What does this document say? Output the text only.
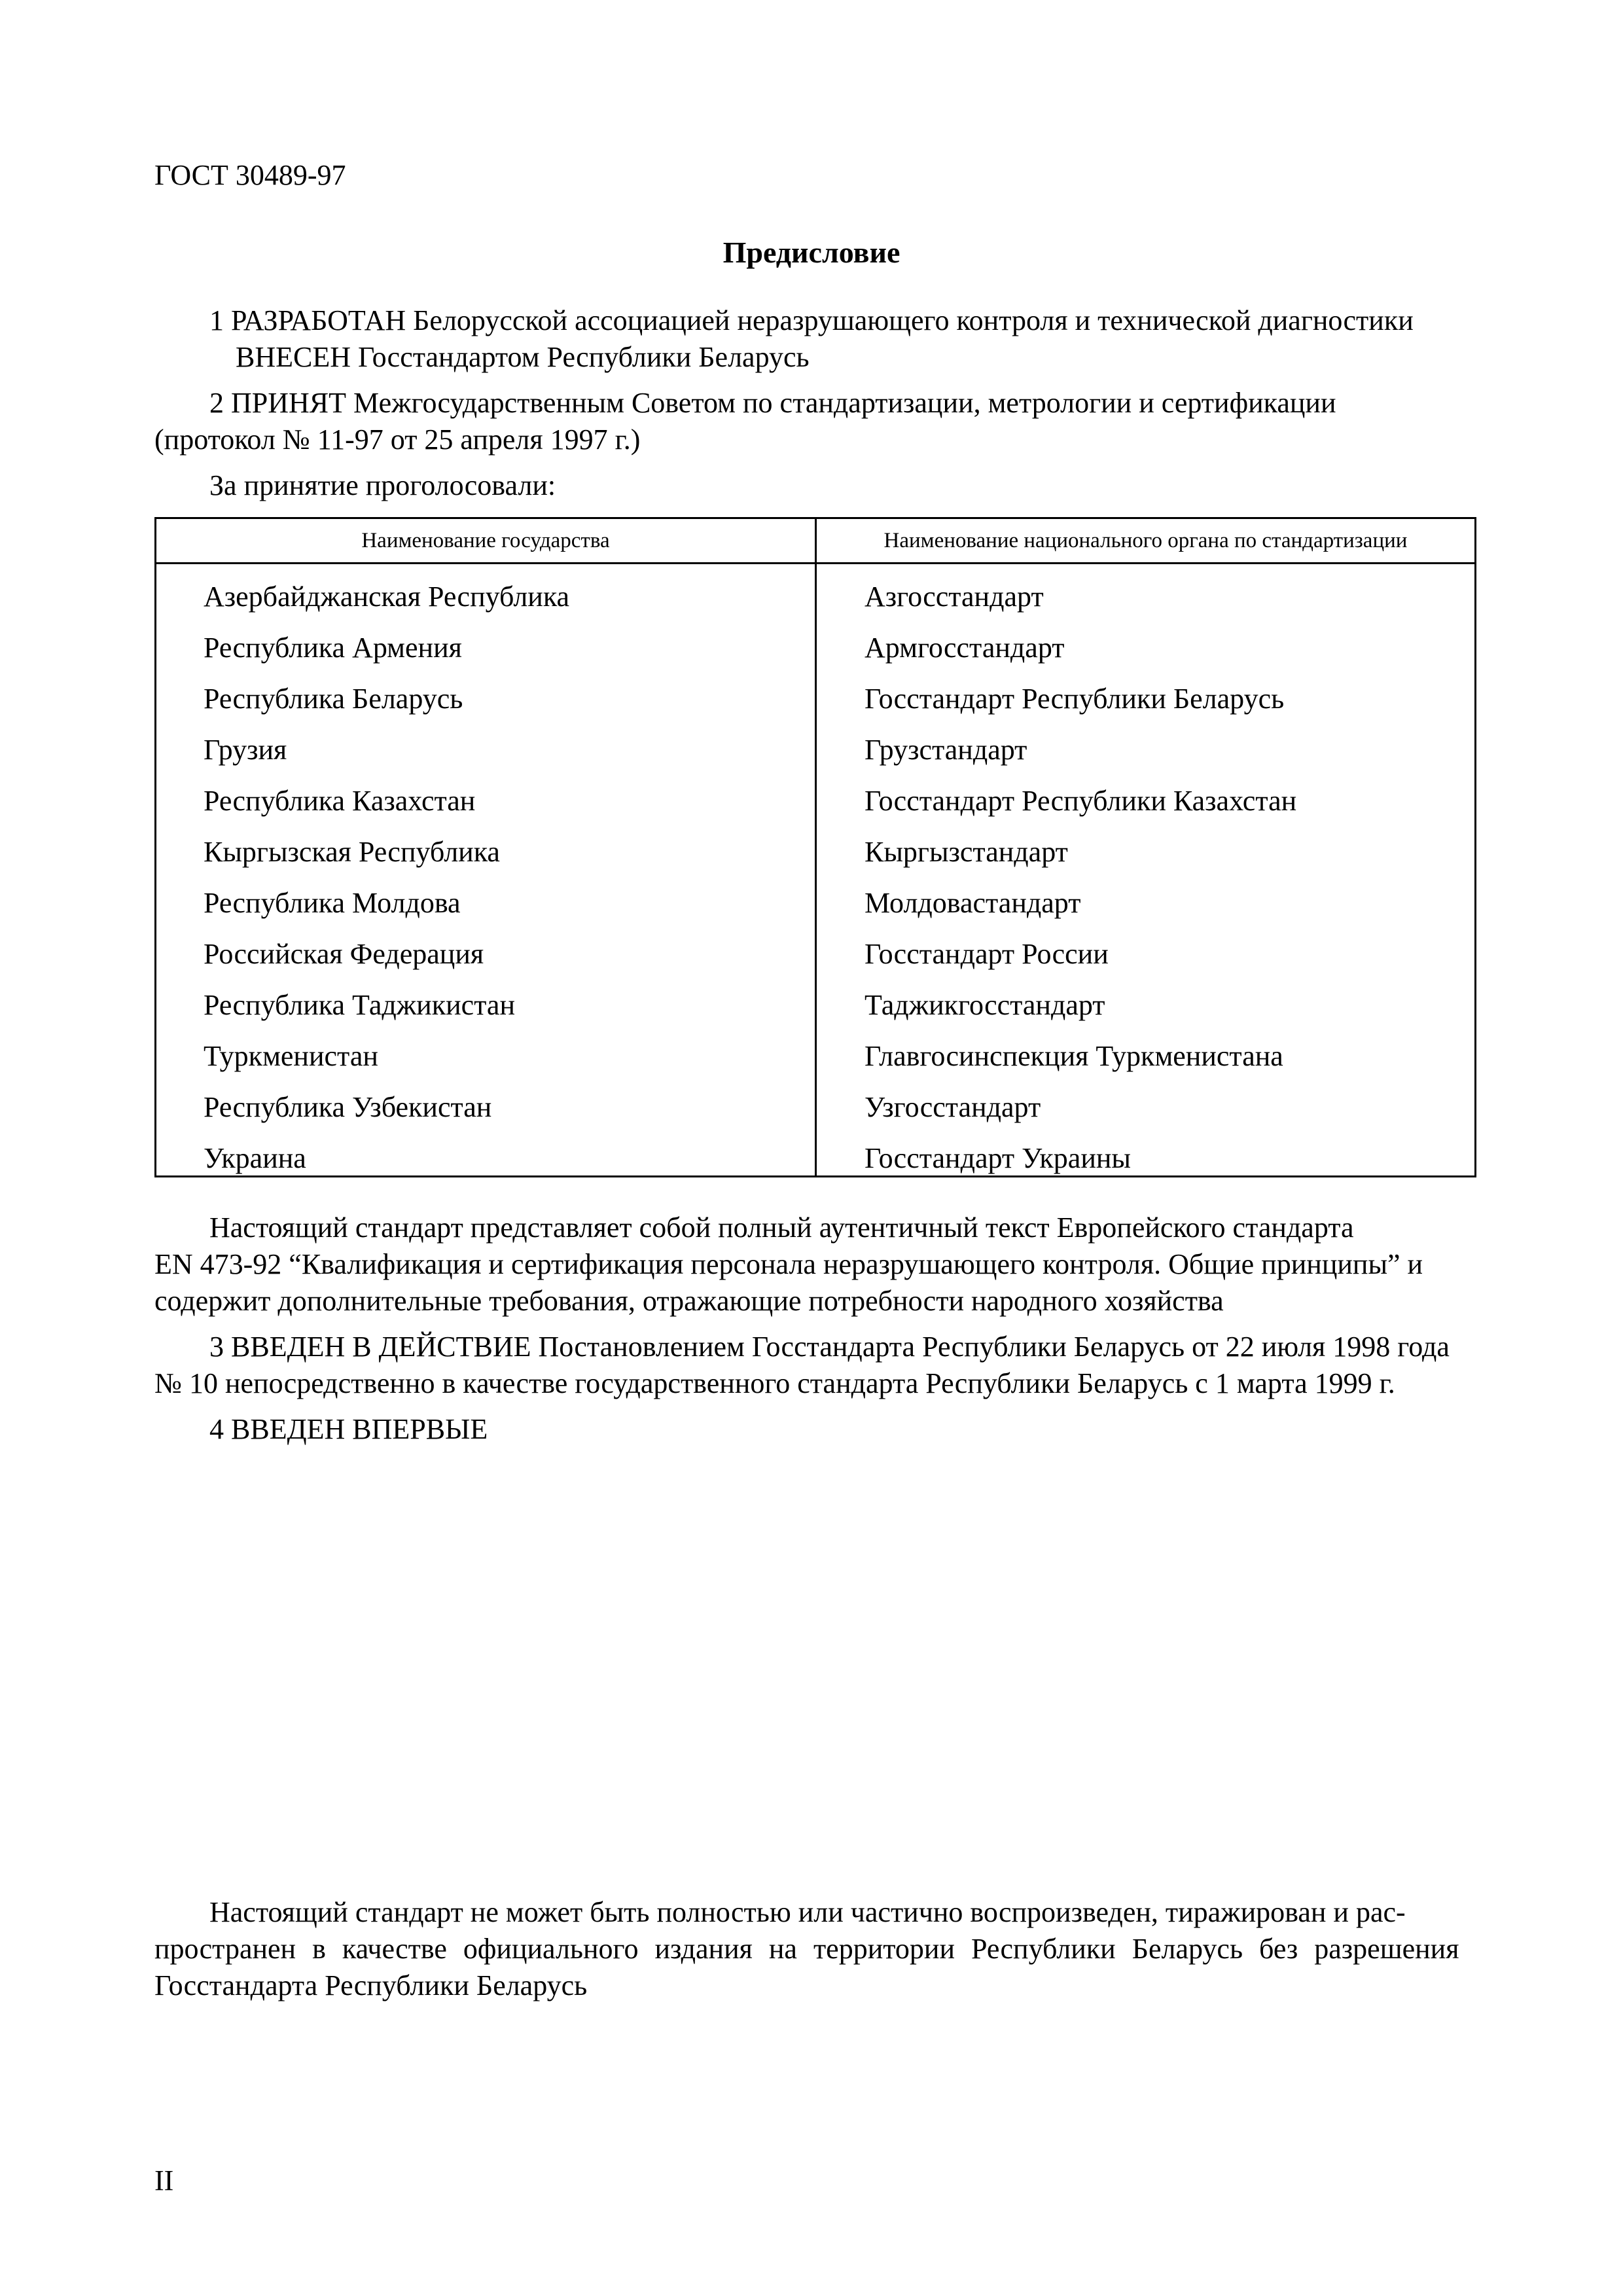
ГОСТ 30489-97
Предисловие
1 РАЗРАБОТАН Белорусской ассоциацией неразрушающего контроля и технической диагностики
ВНЕСЕН Госстандартом Республики Беларусь
2 ПРИНЯТ Межгосударственным Советом по стандартизации, метрологии и сертификации
(протокол № 11-97 от 25 апреля 1997 г.)
За принятие проголосовали:
Наименование государства	Наименование национального органа по стандартизации
Азербайджанская Республика	Азгосстандарт
Республика Армения	Армгосстандарт
Республика Беларусь	Госстандарт Республики Беларусь
Грузия	Грузстандарт
Республика Казахстан	Госстандарт Республики Казахстан
Кыргызская Республика	Кыргызстандарт
Республика Молдова	Молдовастандарт
Российская Федерация	Госстандарт России
Республика Таджикистан	Таджикгосстандарт
Туркменистан	Главгосинспекция Туркменистана
Республика Узбекистан	Узгосстандарт
Украина	Госстандарт Украины
Настоящий стандарт представляет собой полный аутентичный текст Европейского стандарта
EN 473-92 “Квалификация и сертификация персонала неразрушающего контроля. Общие принципы” и
содержит дополнительные требования, отражающие потребности народного хозяйства
3 ВВЕДЕН В ДЕЙСТВИЕ Постановлением Госстандарта Республики Беларусь от 22 июля 1998 года
№ 10 непосредственно в качестве государственного стандарта Республики Беларусь с 1 марта 1999 г.
4 ВВЕДЕН ВПЕРВЫЕ
Настоящий стандарт не может быть полностью или частично воспроизведен, тиражирован и рас-
пространен в качестве официального издания на территории Республики Беларусь без разрешения
Госстандарта Республики Беларусь
II
